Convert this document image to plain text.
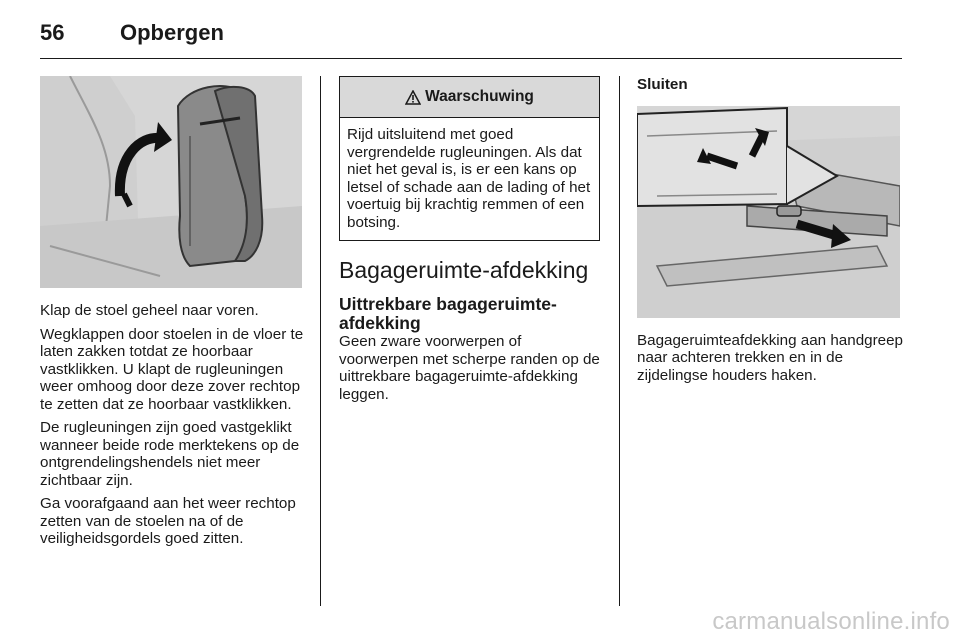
56	Opbergen

Klap de stoel geheel naar voren.

Wegklappen door stoelen in de vloer te laten zakken totdat ze hoorbaar vastklikken. U klapt de rugleuningen weer omhoog door deze zover rechtop te zetten dat ze hoorbaar vastklikken.

De rugleuningen zijn goed vastgeklikt wanneer beide rode merktekens op de ontgrendelingshendels niet meer zichtbaar zijn.

Ga voorafgaand aan het weer rechtop zetten van de stoelen na of de veiligheidsgordels goed zitten.

Waarschuwing
Rijd uitsluitend met goed vergrendelde rugleuningen. Als dat niet het geval is, is er een kans op letsel of schade aan de lading of het voertuig bij krachtig remmen of een botsing.
Bagageruimte-afdekking
Uittrekbare bagageruimte-afdekking

Geen zware voorwerpen of voorwerpen met scherpe randen op de uittrekbare bagageruimte-afdekking leggen.

Sluiten

Bagageruimteafdekking aan handgreep naar achteren trekken en in de zijdelingse houders haken.

carmanualsonline.info
